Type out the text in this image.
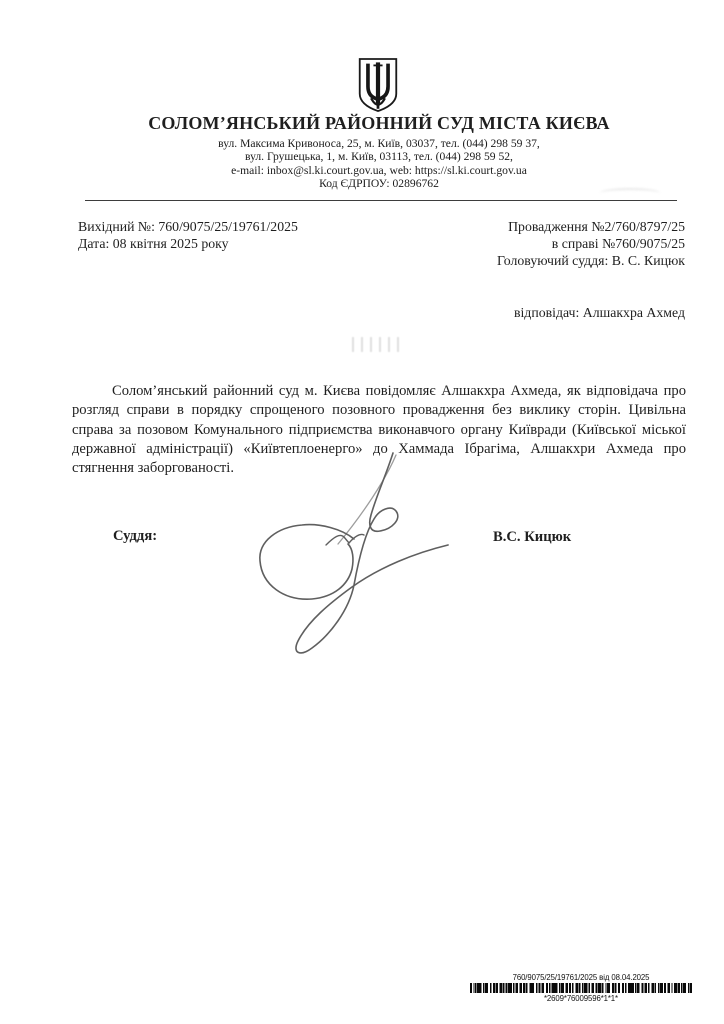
СОЛОМ’ЯНСЬКИЙ РАЙОННИЙ СУД МІСТА КИЄВА
вул. Максима Кривоноса, 25, м. Київ, 03037, тел. (044) 298 59 37,
вул. Грушецька, 1, м. Київ, 03113, тел. (044) 298 59 52,
e-mail: inbox@sl.ki.court.gov.ua, web: https://sl.ki.court.gov.ua
Код ЄДРПОУ: 02896762
Вихідний №: 760/9075/25/19761/2025
Дата: 08 квітня 2025 року
Провадження №2/760/8797/25
в справі №760/9075/25
Головуючий суддя: В. С. Кицюк
відповідач: Алшакхра Ахмед
Солом’янський районний суд м. Києва повідомляє Алшакхра Ахмеда, як відповідача про розгляд справи в порядку спрощеного позовного провадження без виклику сторін. Цивільна справа за позовом Комунального підприємства виконавчого органу Київради (Київської міської державної адміністрації) «Київтеплоенерго» до Хаммада Ібрагіма, Алшакхри Ахмеда про стягнення заборгованості.
Суддя:	В.С. Кицюк
760/9075/25/19761/2025 від 08.04.2025
*2609*76009596*1*1*
